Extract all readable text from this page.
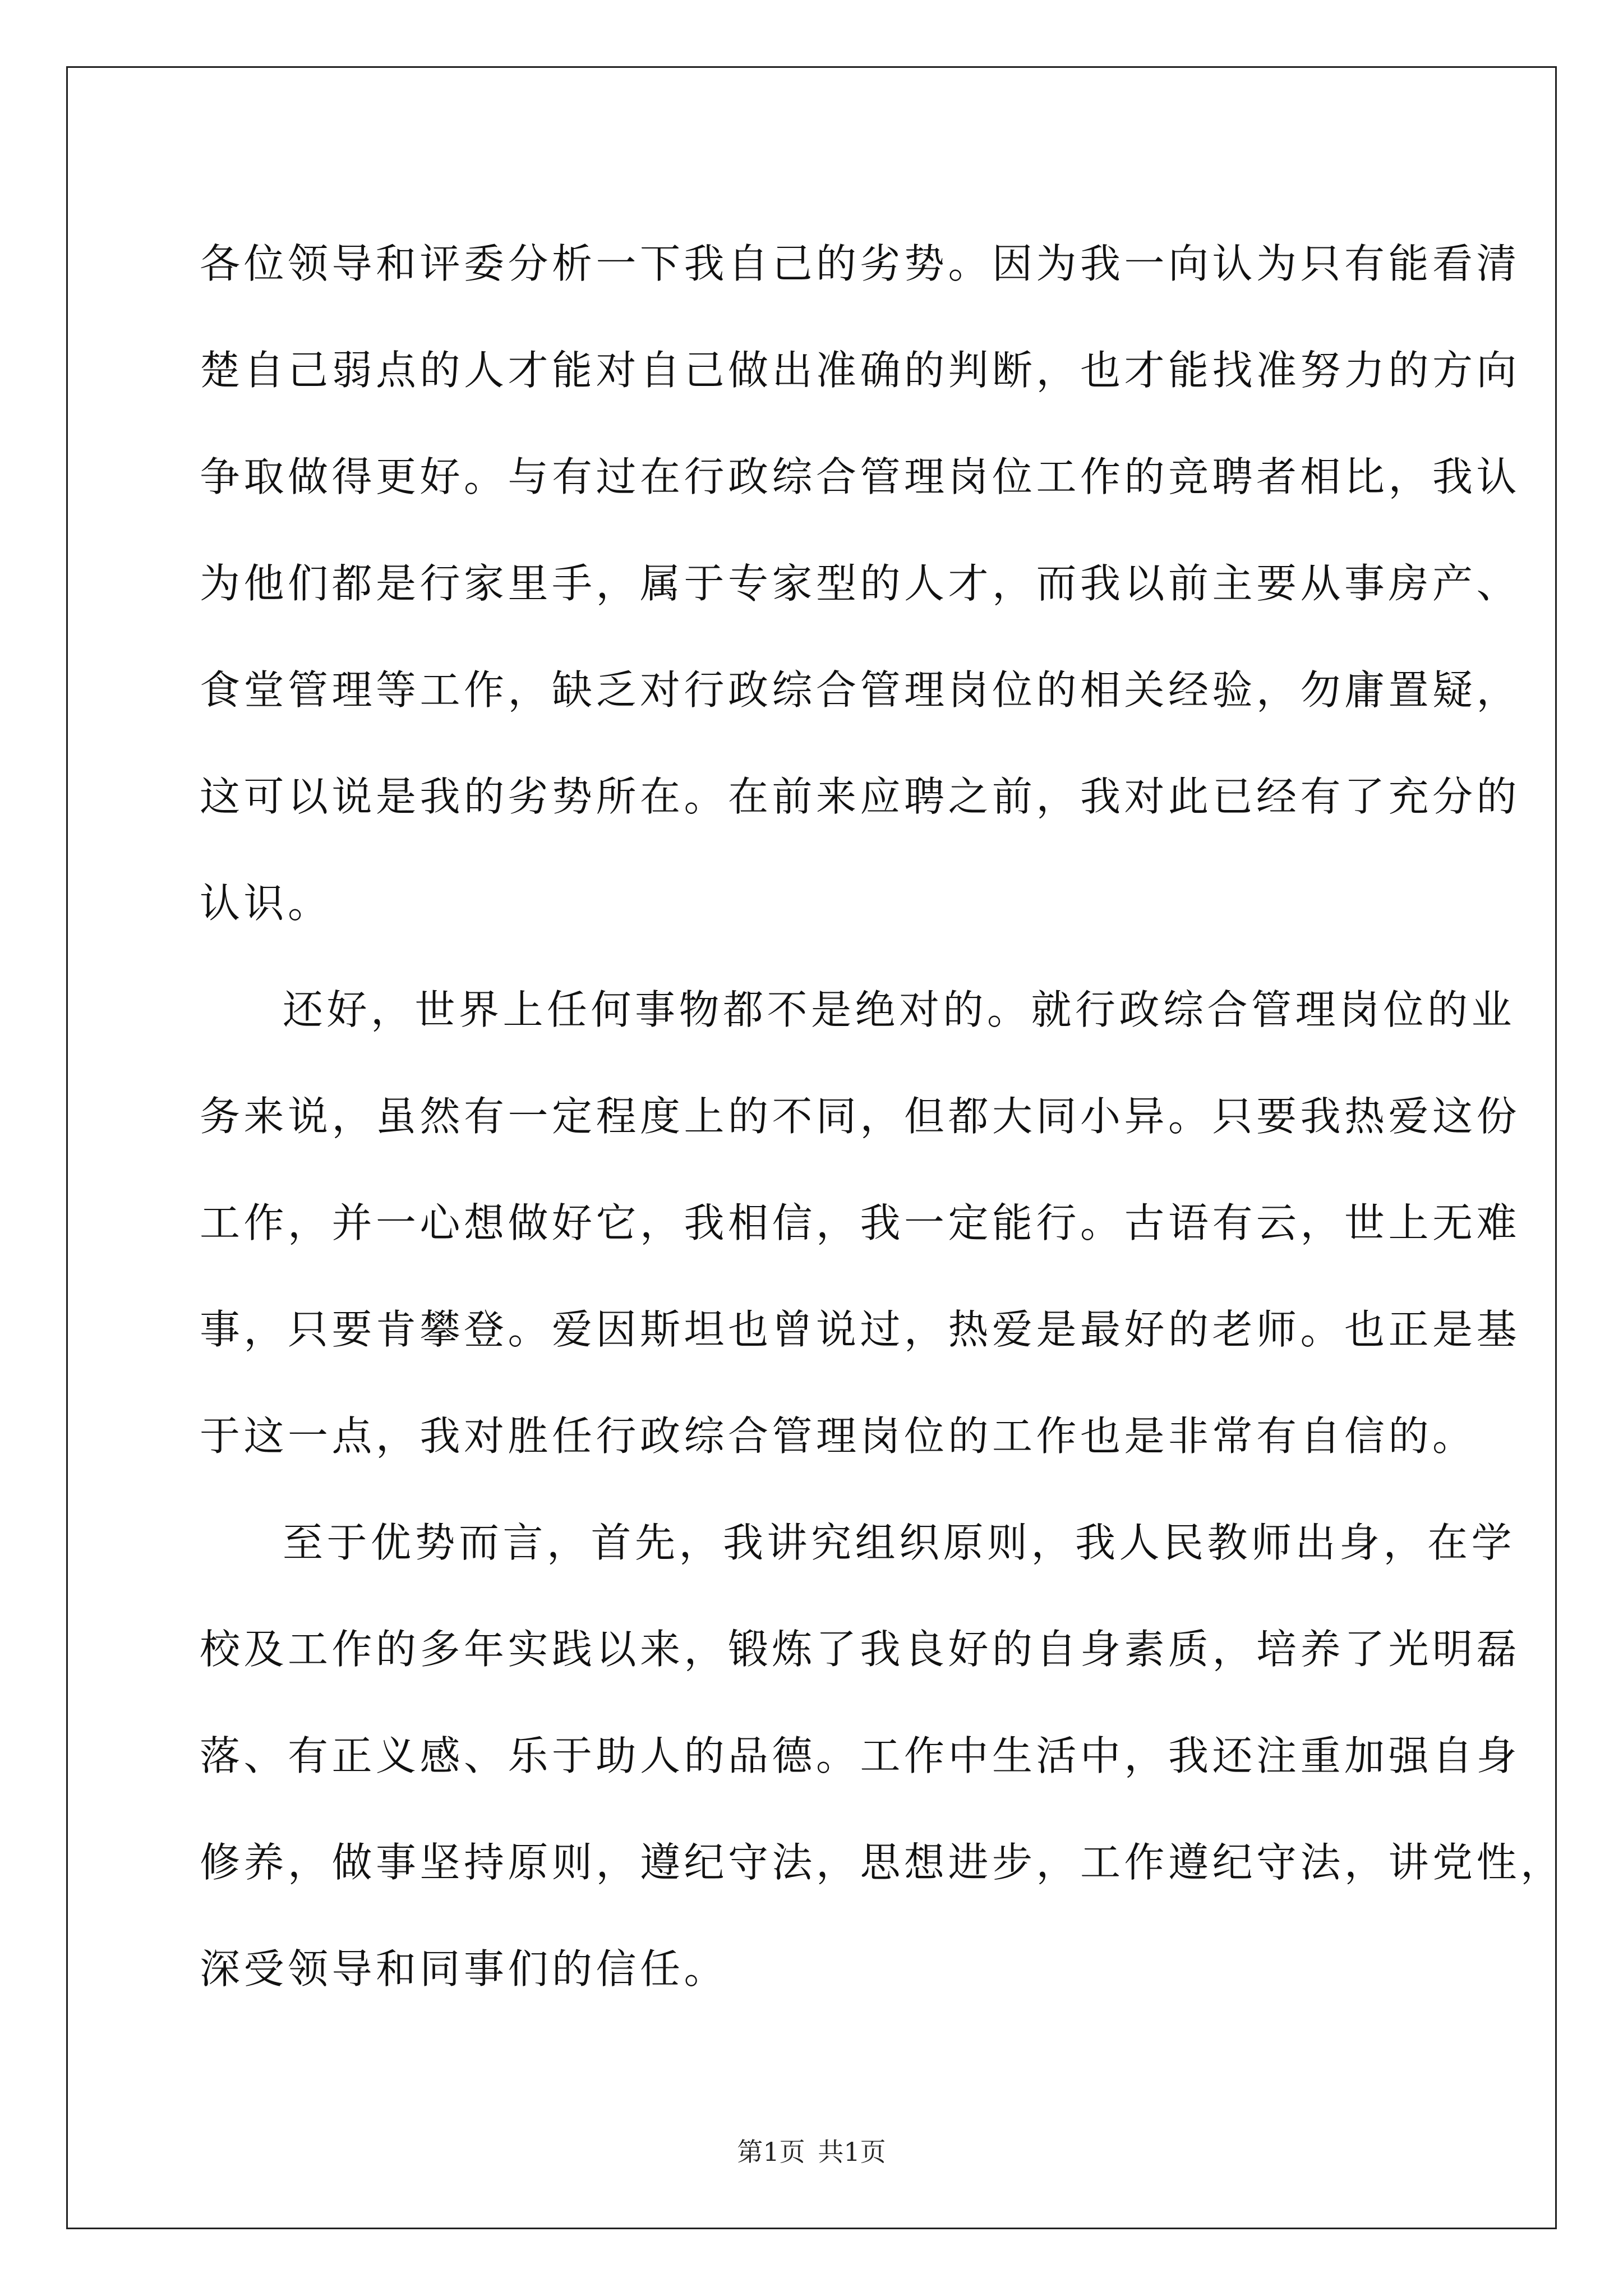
各位领导和评委分析一下我自己的劣势。因为我一向认为只有能看清
楚自己弱点的人才能对自己做出准确的判断，也才能找准努力的方向
争取做得更好。与有过在行政综合管理岗位工作的竞聘者相比，我认
为他们都是行家里手，属于专家型的人才，而我以前主要从事房产、
食堂管理等工作，缺乏对行政综合管理岗位的相关经验，勿庸置疑，
这可以说是我的劣势所在。在前来应聘之前，我对此已经有了充分的
认识。
还好，世界上任何事物都不是绝对的。就行政综合管理岗位的业
务来说，虽然有一定程度上的不同，但都大同小异。只要我热爱这份
工作，并一心想做好它，我相信，我一定能行。古语有云，世上无难
事，只要肯攀登。爱因斯坦也曾说过，热爱是最好的老师。也正是基
于这一点，我对胜任行政综合管理岗位的工作也是非常有自信的。
至于优势而言，首先，我讲究组织原则，我人民教师出身，在学
校及工作的多年实践以来，锻炼了我良好的自身素质，培养了光明磊
落、有正义感、乐于助人的品德。工作中生活中，我还注重加强自身
修养，做事坚持原则，遵纪守法，思想进步，工作遵纪守法，讲党性，
深受领导和同事们的信任。
第1页 共1页
